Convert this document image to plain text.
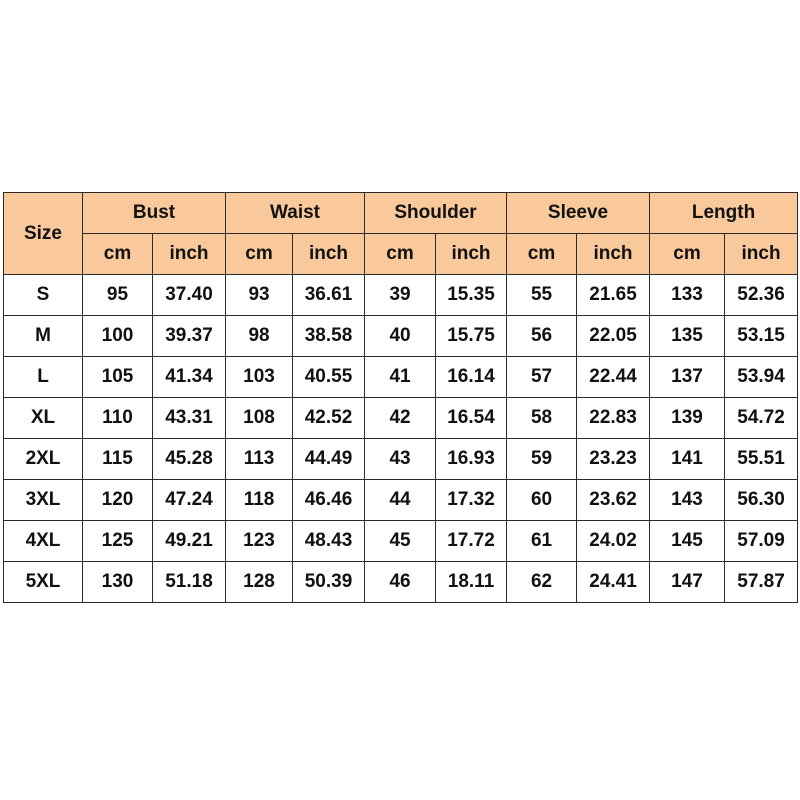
Size	Bust		Waist		Shoulder		Sleeve		Length	
	cm	inch	cm	inch	cm	inch	cm	inch	cm	inch
S	95	37.40	93	36.61	39	15.35	55	21.65	133	52.36
M	100	39.37	98	38.58	40	15.75	56	22.05	135	53.15
L	105	41.34	103	40.55	41	16.14	57	22.44	137	53.94
XL	110	43.31	108	42.52	42	16.54	58	22.83	139	54.72
2XL	115	45.28	113	44.49	43	16.93	59	23.23	141	55.51
3XL	120	47.24	118	46.46	44	17.32	60	23.62	143	56.30
4XL	125	49.21	123	48.43	45	17.72	61	24.02	145	57.09
5XL	130	51.18	128	50.39	46	18.11	62	24.41	147	57.87
